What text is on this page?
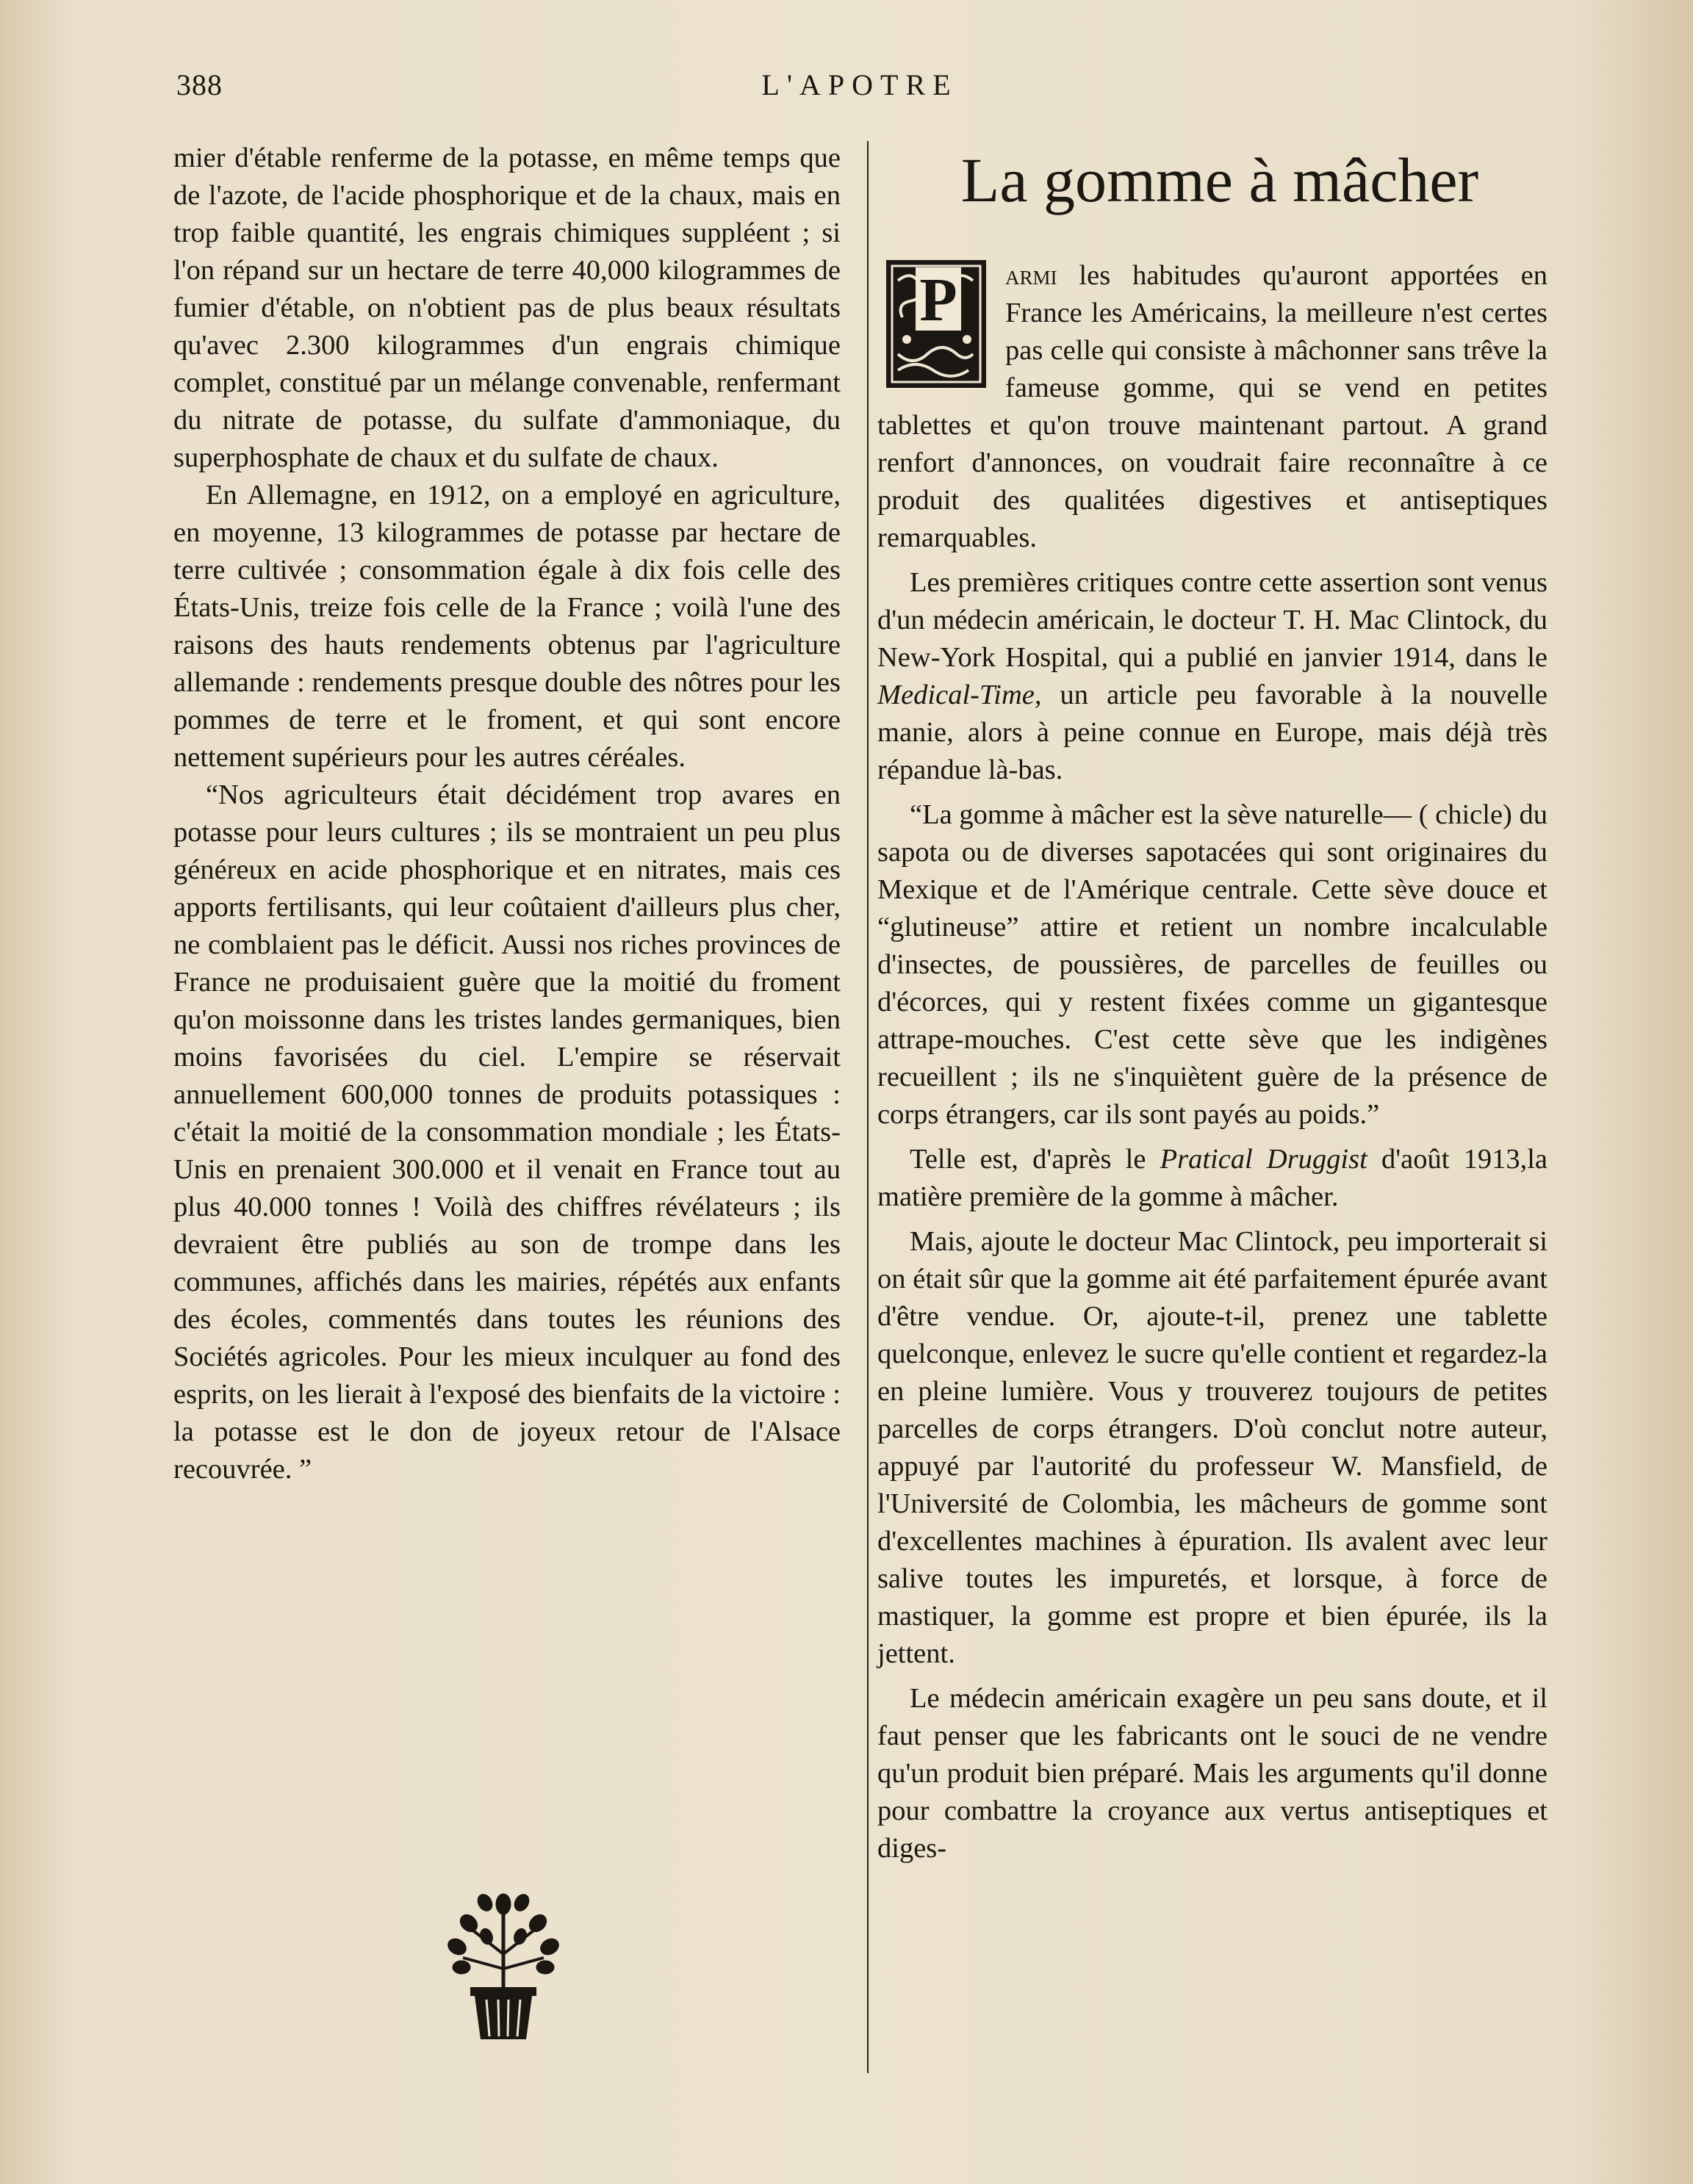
388	L'APOTRE

mier d'étable renferme de la potasse, en même temps que de l'azote, de l'acide phosphorique et de la chaux, mais en trop faible quantité, les engrais chimiques suppléent ; si l'on répand sur un hectare de terre 40,000 kilogrammes de fumier d'étable, on n'obtient pas de plus beaux résultats qu'avec 2.300 kilogrammes d'un engrais chimique complet, constitué par un mélange convenable, renfermant du nitrate de potasse, du sulfate d'ammoniaque, du superphosphate de chaux et du sulfate de chaux.

En Allemagne, en 1912, on a employé en agriculture, en moyenne, 13 kilogrammes de potasse par hectare de terre cultivée ; consommation égale à dix fois celle des États-Unis, treize fois celle de la France ; voilà l'une des raisons des hauts rendements obtenus par l'agriculture allemande : rendements presque double des nôtres pour les pommes de terre et le froment, et qui sont encore nettement supérieurs pour les autres céréales.

“Nos agriculteurs était décidément trop avares en potasse pour leurs cultures ; ils se montraient un peu plus généreux en acide phosphorique et en nitrates, mais ces apports fertilisants, qui leur coûtaient d'ailleurs plus cher, ne comblaient pas le déficit. Aussi nos riches provinces de France ne produisaient guère que la moitié du froment qu'on moissonne dans les tristes landes germaniques, bien moins favorisées du ciel. L'empire se réservait annuellement 600,000 tonnes de produits potassiques : c'était la moitié de la consommation mondiale ; les États-Unis en prenaient 300.000 et il venait en France tout au plus 40.000 tonnes ! Voilà des chiffres révélateurs ; ils devraient être publiés au son de trompe dans les communes, affichés dans les mairies, répétés aux enfants des écoles, commentés dans toutes les réunions des Sociétés agricoles. Pour les mieux inculquer au fond des esprits, on les lierait à l'exposé des bienfaits de la victoire : la potasse est le don de joyeux retour de l'Alsace recouvrée. ”

La gomme à mâcher

P armi les habitudes qu'auront apportées en France les Américains, la meilleure n'est certes pas celle qui consiste à mâchonner sans trêve la fameuse gomme, qui se vend en petites tablettes et qu'on trouve maintenant partout. A grand renfort d'annonces, on voudrait faire reconnaître à ce produit des qualitées digestives et antiseptiques remarquables.

Les premières critiques contre cette assertion sont venus d'un médecin américain, le docteur T. H. Mac Clintock, du New-York Hospital, qui a publié en janvier 1914, dans le Medical-Time, un article peu favorable à la nouvelle manie, alors à peine connue en Europe, mais déjà très répandue là-bas.

“La gomme à mâcher est la sève naturelle— ( chicle) du sapota ou de diverses sapotacées qui sont originaires du Mexique et de l'Amérique centrale. Cette sève douce et “glutineuse” attire et retient un nombre incalculable d'insectes, de poussières, de parcelles de feuilles ou d'écorces, qui y restent fixées comme un gigantesque attrape-mouches. C'est cette sève que les indigènes recueillent ; ils ne s'inquiètent guère de la présence de corps étrangers, car ils sont payés au poids.”

Telle est, d'après le Pratical Druggist d'août 1913,la matière première de la gomme à mâcher.

Mais, ajoute le docteur Mac Clintock, peu importerait si on était sûr que la gomme ait été parfaitement épurée avant d'être vendue. Or, ajoute-t-il, prenez une tablette quelconque, enlevez le sucre qu'elle contient et regardez-la en pleine lumière. Vous y trouverez toujours de petites parcelles de corps étrangers. D'où conclut notre auteur, appuyé par l'autorité du professeur W. Mansfield, de l'Université de Colombia, les mâcheurs de gomme sont d'excellentes machines à épuration. Ils avalent avec leur salive toutes les impuretés, et lorsque, à force de mastiquer, la gomme est propre et bien épurée, ils la jettent.

Le médecin américain exagère un peu sans doute, et il faut penser que les fabricants ont le souci de ne vendre qu'un produit bien préparé. Mais les arguments qu'il donne pour combattre la croyance aux vertus antiseptiques et diges-
